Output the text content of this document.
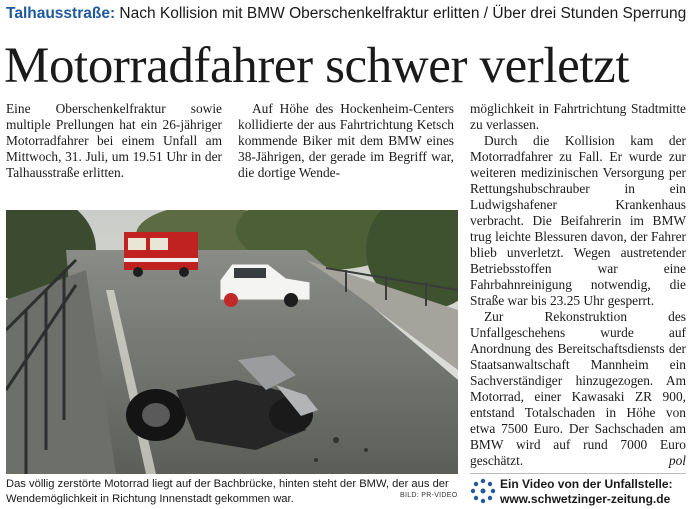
Talhausstraße: Nach Kollision mit BMW Oberschenkelfraktur erlitten / Über drei Stunden Sperrung
Motorradfahrer schwer verletzt

Eine Oberschenkelfraktur sowie multiple Prellungen hat ein 26-jähriger Motorradfahrer bei einem Unfall am Mittwoch, 31. Juli, um 19.51 Uhr in der Talhausstraße erlitten.

Auf Höhe des Hockenheim-Centers kollidierte der aus Fahrtrichtung Ketsch kommende Biker mit dem BMW eines 38-Jährigen, der gerade im Begriff war, die dortige Wende-

möglichkeit in Fahrtrichtung Stadtmitte zu verlassen.

Durch die Kollision kam der Motorradfahrer zu Fall. Er wurde zur weiteren medizinischen Versorgung per Rettungshubschrauber in ein Ludwigshafener Krankenhaus verbracht. Die Beifahrerin im BMW trug leichte Blessuren davon, der Fahrer blieb unverletzt. Wegen austretender Betriebsstoffen war eine Fahrbahnreinigung notwendig, die Straße war bis 23.25 Uhr gesperrt.

Zur Rekonstruktion des Unfallgeschehens wurde auf Anordnung des Bereitschaftsdiensts der Staatsanwaltschaft Mannheim ein Sachverständiger hinzugezogen. Am Motorrad, einer Kawasaki ZR 900, entstand Totalschaden in Höhe von etwa 7500 Euro. Der Sachschaden am BMW wird auf rund 7000 Euro geschätzt.	pol

Das völlig zerstörte Motorrad liegt auf der Bachbrücke, hinten steht der BMW, der aus der Wendemöglichkeit in Richtung Innenstadt gekommen war.	BILD: PR-VIDEO
Ein Video von der Unfallstelle:
www.schwetzinger-zeitung.de
